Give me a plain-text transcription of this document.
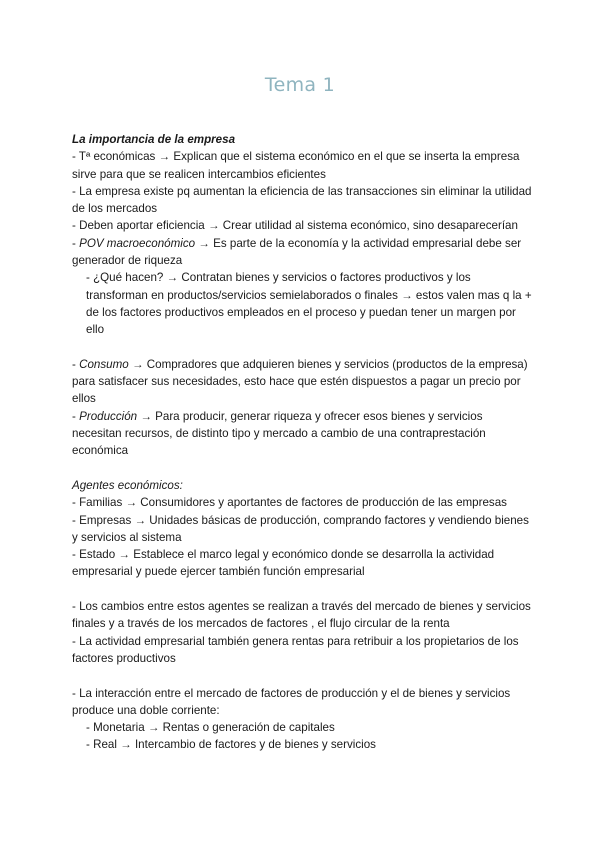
Tema 1

La importancia de la empresa

- Tª económicas → Explican que el sistema económico en el que se inserta la empresa sirve para que se realicen intercambios eficientes

- La empresa existe pq aumentan la eficiencia de las transacciones sin eliminar la utilidad de los mercados

- Deben aportar eficiencia → Crear utilidad al sistema económico, sino desaparecerían

- POV macroeconómico → Es parte de la economía y la actividad empresarial debe ser generador de riqueza

- ¿Qué hacen? → Contratan bienes y servicios o factores productivos y los transforman en productos/servicios semielaborados o finales → estos valen mas q la + de los factores productivos empleados en el proceso y puedan tener un margen por ello

- Consumo → Compradores que adquieren bienes y servicios (productos de la empresa) para satisfacer sus necesidades, esto hace que estén dispuestos a pagar un precio por ellos

- Producción → Para producir, generar riqueza y ofrecer esos bienes y servicios necesitan recursos, de distinto tipo y mercado a cambio de una contraprestación económica

Agentes económicos:

- Familias → Consumidores y aportantes de factores de producción de las empresas

- Empresas → Unidades básicas de producción, comprando factores y vendiendo bienes y servicios al sistema

- Estado → Establece el marco legal y económico donde se desarrolla la actividad empresarial y puede ejercer también función empresarial

- Los cambios entre estos agentes se realizan a través del mercado de bienes y servicios finales y a través de los mercados de factores , el flujo circular de la renta

- La actividad empresarial también genera rentas para retribuir a los propietarios de los factores productivos

- La interacción entre el mercado de factores de producción y el de bienes y servicios produce una doble corriente:

- Monetaria → Rentas o generación de capitales

- Real → Intercambio de factores y de bienes y servicios
